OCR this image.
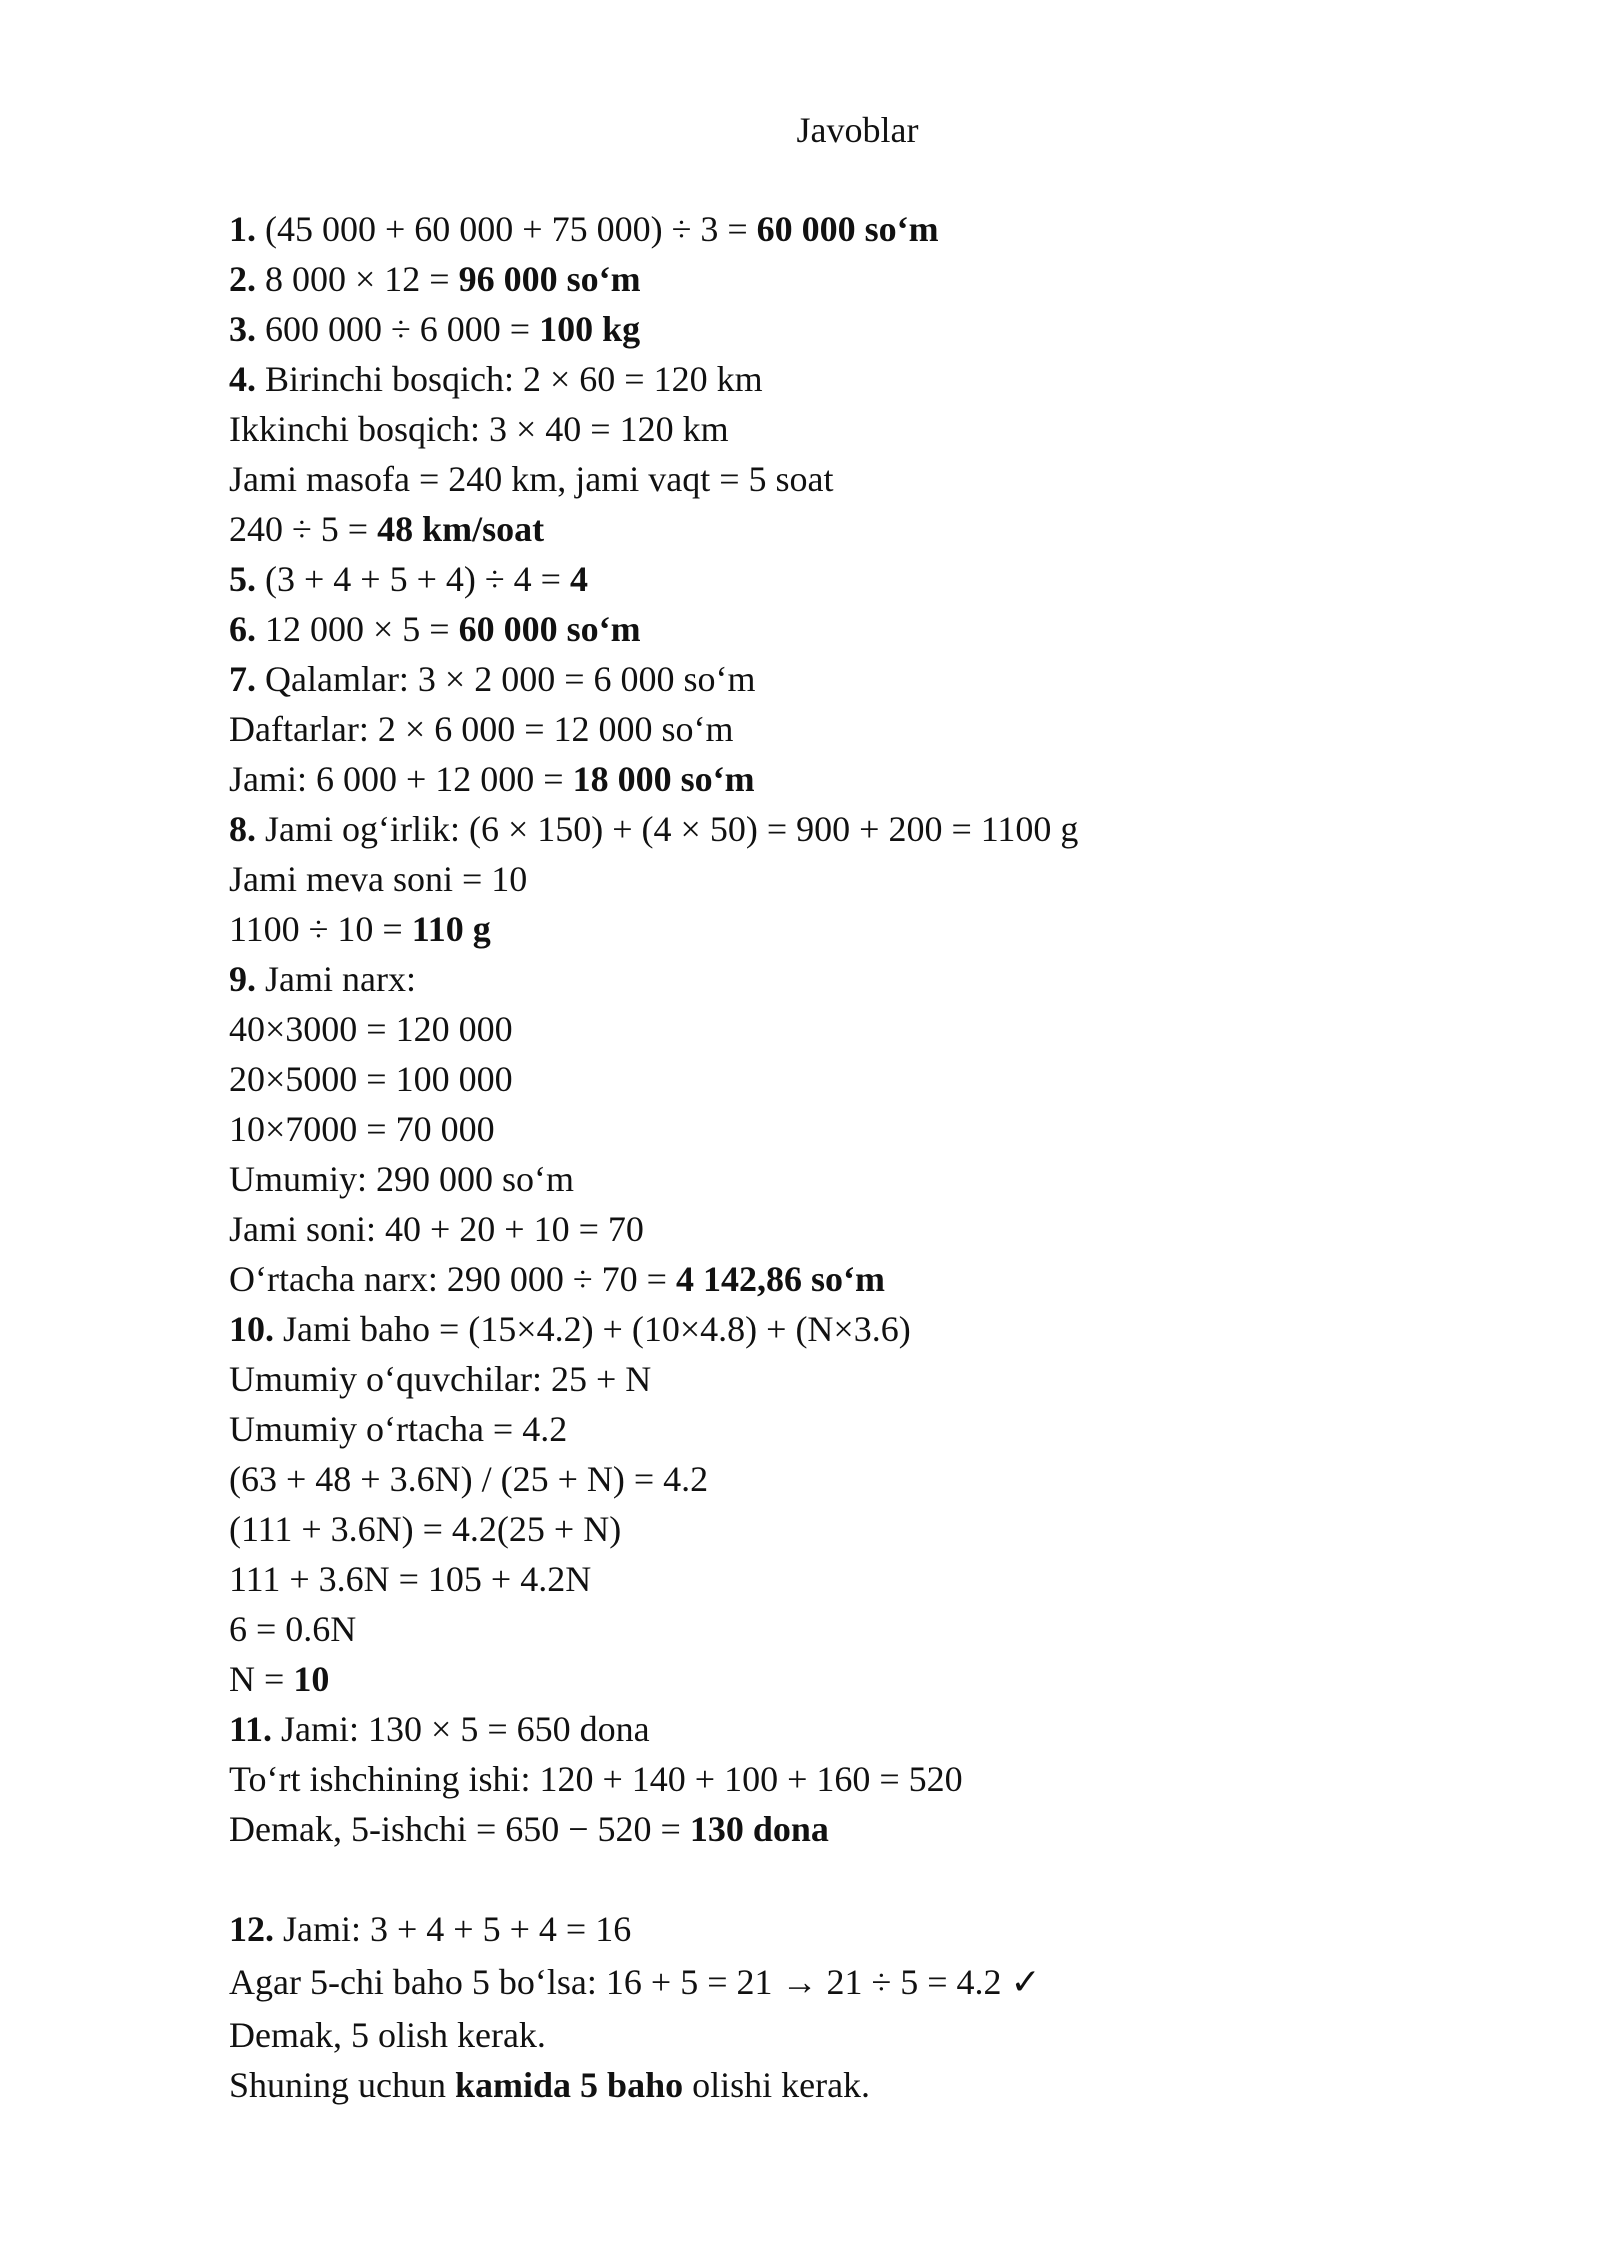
Javoblar
1. (45 000 + 60 000 + 75 000) ÷ 3 = 60 000 so‘m
2. 8 000 × 12 = 96 000 so‘m
3. 600 000 ÷ 6 000 = 100 kg
4. Birinchi bosqich: 2 × 60 = 120 km
Ikkinchi bosqich: 3 × 40 = 120 km
Jami masofa = 240 km, jami vaqt = 5 soat
240 ÷ 5 = 48 km/soat
5. (3 + 4 + 5 + 4) ÷ 4 = 4
6. 12 000 × 5 = 60 000 so‘m
7. Qalamlar: 3 × 2 000 = 6 000 so‘m
Daftarlar: 2 × 6 000 = 12 000 so‘m
Jami: 6 000 + 12 000 = 18 000 so‘m
8. Jami og‘irlik: (6 × 150) + (4 × 50) = 900 + 200 = 1100 g
Jami meva soni = 10
1100 ÷ 10 = 110 g
9. Jami narx:
40×3000 = 120 000
20×5000 = 100 000
10×7000 = 70 000
Umumiy: 290 000 so‘m
Jami soni: 40 + 20 + 10 = 70
O‘rtacha narx: 290 000 ÷ 70 = 4 142,86 so‘m
10. Jami baho = (15×4.2) + (10×4.8) + (N×3.6)
Umumiy o‘quvchilar: 25 + N
Umumiy o‘rtacha = 4.2
(63 + 48 + 3.6N) / (25 + N) = 4.2
(111 + 3.6N) = 4.2(25 + N)
111 + 3.6N = 105 + 4.2N
6 = 0.6N
N = 10
11. Jami: 130 × 5 = 650 dona
To‘rt ishchining ishi: 120 + 140 + 100 + 160 = 520
Demak, 5-ishchi = 650 − 520 = 130 dona
12. Jami: 3 + 4 + 5 + 4 = 16
Agar 5-chi baho 5 bo‘lsa: 16 + 5 = 21 → 21 ÷ 5 = 4.2 ✓
Demak, 5 olish kerak.
Shuning uchun kamida 5 baho olishi kerak.
